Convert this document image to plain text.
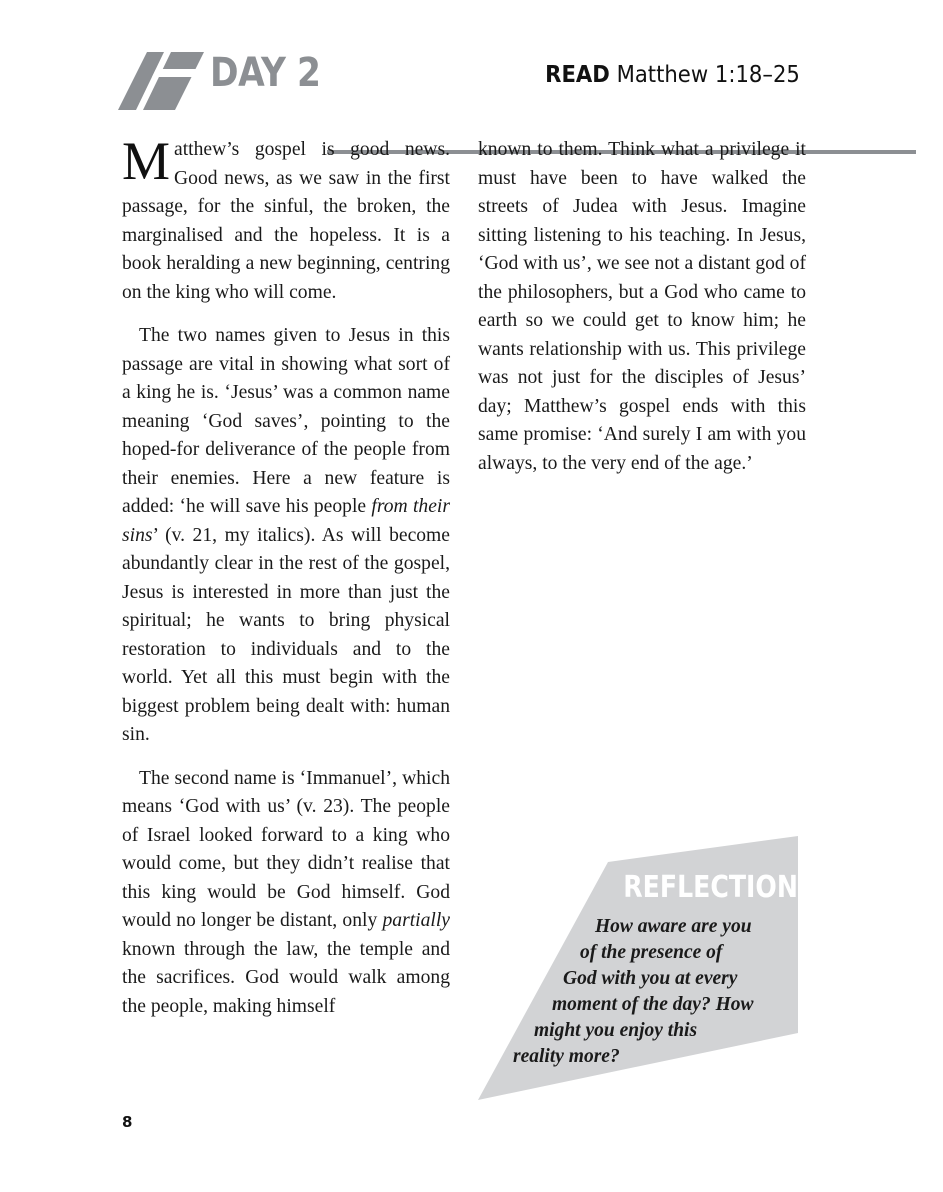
DAY 2	READ Matthew 1:18–25

Matthew’s gospel is good news. Good news, as we saw in the first passage, for the sinful, the broken, the marginalised and the hopeless. It is a book heralding a new beginning, centring on the king who will come.

The two names given to Jesus in this passage are vital in showing what sort of a king he is. ‘Jesus’ was a common name meaning ‘God saves’, pointing to the hoped-for deliverance of the people from their enemies. Here a new feature is added: ‘he will save his people from their sins’ (v. 21, my italics). As will become abundantly clear in the rest of the gospel, Jesus is interested in more than just the spiritual; he wants to bring physical restoration to individuals and to the world. Yet all this must begin with the biggest problem being dealt with: human sin.

The second name is ‘Immanuel’, which means ‘God with us’ (v. 23). The people of Israel looked forward to a king who would come, but they didn’t realise that this king would be God himself. God would no longer be distant, only partially known through the law, the temple and the sacrifices. God would walk among the people, making himself

known to them. Think what a privilege it must have been to have walked the streets of Judea with Jesus. Imagine sitting listening to his teaching. In Jesus, ‘God with us’, we see not a distant god of the philosophers, but a God who came to earth so we could get to know him; he wants relationship with us. This privilege was not just for the disciples of Jesus’ day; Matthew’s gospel ends with this same promise: ‘And surely I am with you always, to the very end of the age.’

REFLECTION
How aware are you
of the presence of
God with you at every
moment of the day? How
might you enjoy this
reality more?
8
